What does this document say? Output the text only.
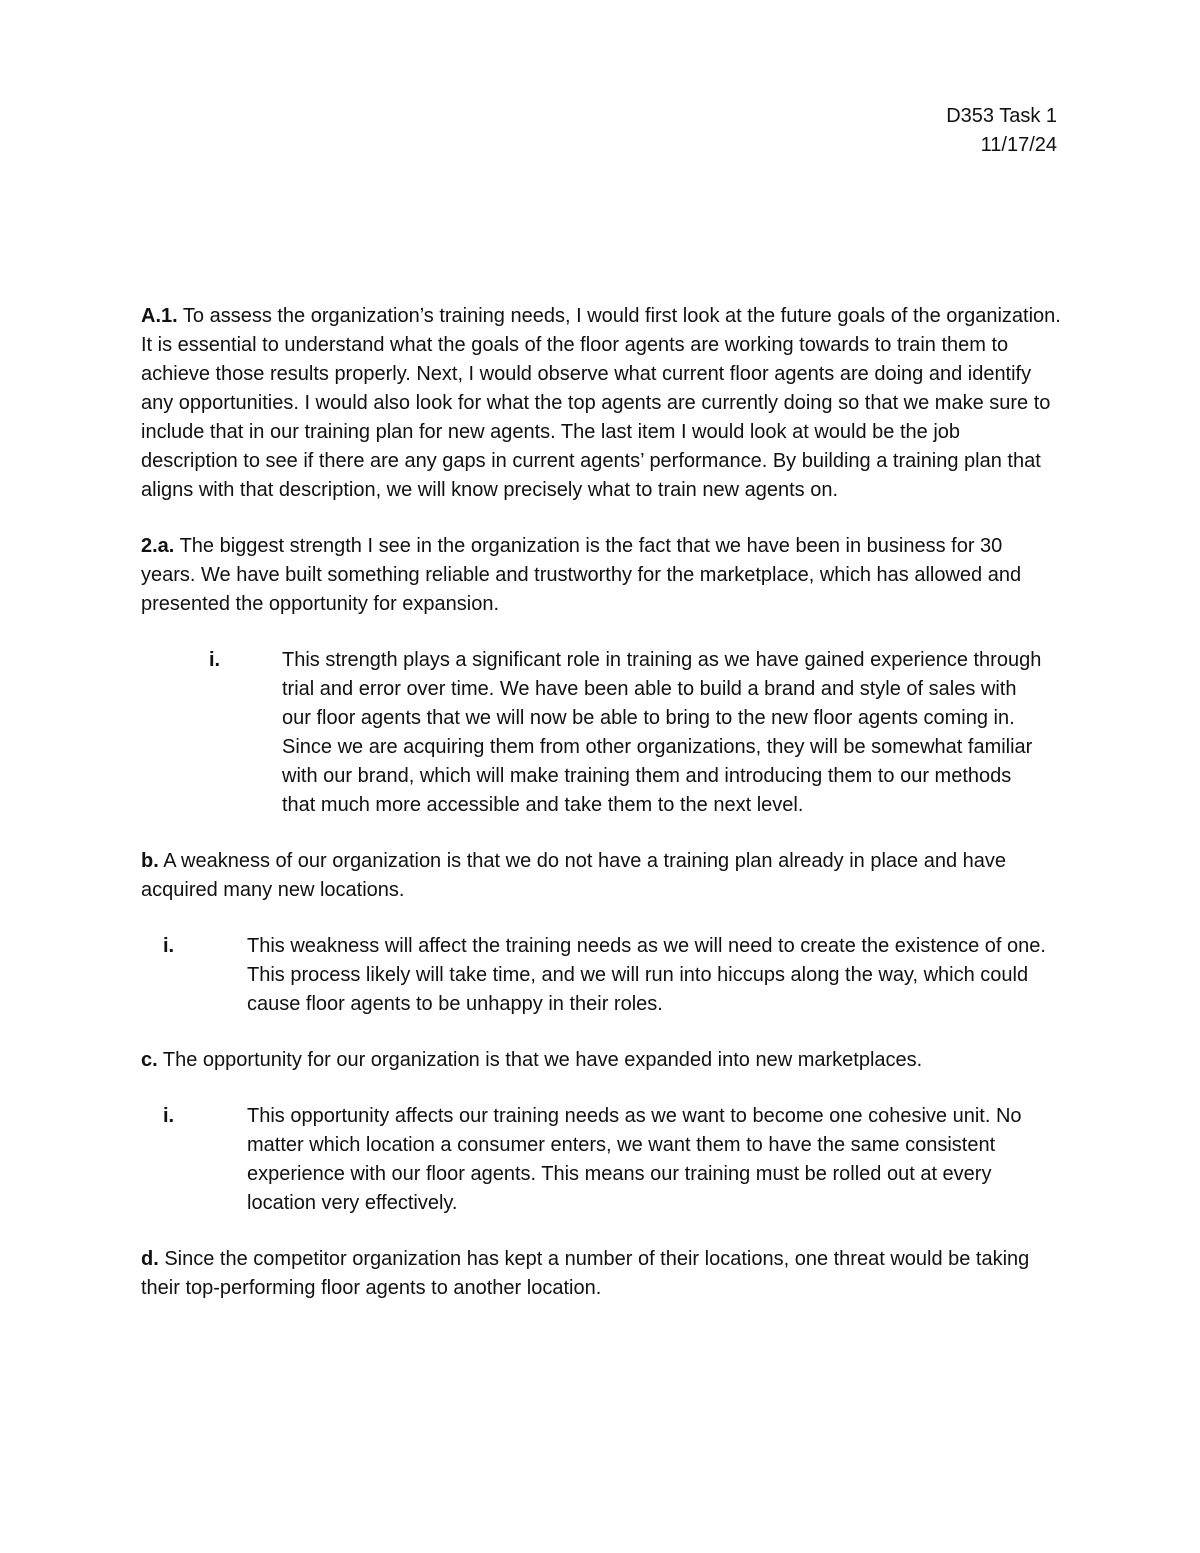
D353 Task 1
11/17/24

A.1. To assess the organization’s training needs, I would first look at the future goals of the organization. It is essential to understand what the goals of the floor agents are working towards to train them to achieve those results properly. Next, I would observe what current floor agents are doing and identify any opportunities. I would also look for what the top agents are currently doing so that we make sure to include that in our training plan for new agents. The last item I would look at would be the job description to see if there are any gaps in current agents’ performance. By building a training plan that aligns with that description, we will know precisely what to train new agents on.

2.a. The biggest strength I see in the organization is the fact that we have been in business for 30 years. We have built something reliable and trustworthy for the marketplace, which has allowed and presented the opportunity for expansion.

i.	This strength plays a significant role in training as we have gained experience through trial and error over time. We have been able to build a brand and style of sales with our floor agents that we will now be able to bring to the new floor agents coming in. Since we are acquiring them from other organizations, they will be somewhat familiar with our brand, which will make training them and introducing them to our methods that much more accessible and take them to the next level.

b. A weakness of our organization is that we do not have a training plan already in place and have acquired many new locations.

i.	This weakness will affect the training needs as we will need to create the existence of one. This process likely will take time, and we will run into hiccups along the way, which could cause floor agents to be unhappy in their roles.

c. The opportunity for our organization is that we have expanded into new marketplaces.

i.	This opportunity affects our training needs as we want to become one cohesive unit. No matter which location a consumer enters, we want them to have the same consistent experience with our floor agents. This means our training must be rolled out at every location very effectively.

d. Since the competitor organization has kept a number of their locations, one threat would be taking their top-performing floor agents to another location.
